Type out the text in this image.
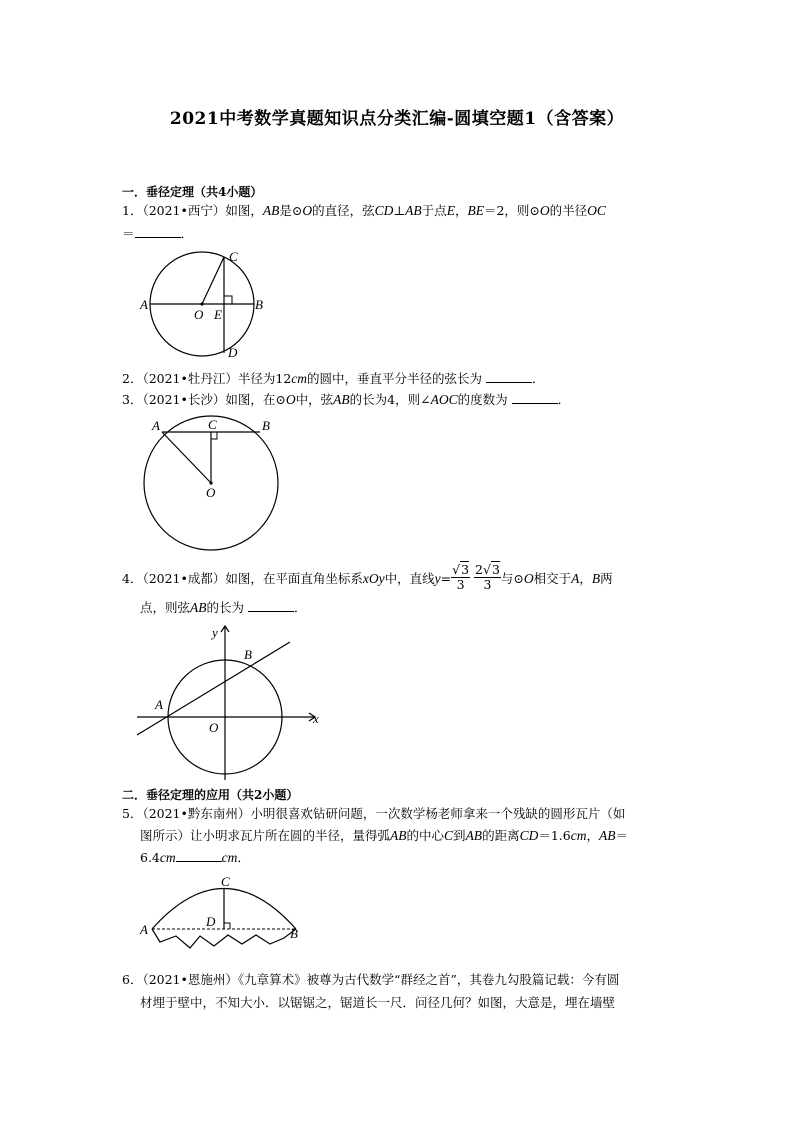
2021中考数学真题知识点分类汇编-圆填空题1（含答案）
一．垂径定理（共4小题）
1．（2021•西宁）如图，AB是⊙O的直径，弦CD⊥AB于点E，BE＝2，则⊙O的半径OC
＝	．
A	B
C
D
O E
2．（2021•牡丹江）半径为12cm的圆中，垂直平分半径的弦长为	．
3．（2021•长沙）如图，在⊙O中，弦AB的长为4，则∠AOC的度数为	．
A	B
C
O
4．（2021•成都）如图，在平面直角坐标系xOy中，直线$y= \frac{√3}{3}$
$\frac{2√3}{3}$ 与⊙O相交于A，B两
点，则弦AB的长为	．
A
B
O
x
y
二．垂径定理的应用（共2小题）
5．（2021•黔东南州）小明很喜欢钻研问题，一次数学杨老师拿来一个残缺的圆形瓦片（如
图所示）让小明求瓦片所在圆的半径，量得弧AB的中心C到AB的距离CD＝1.6cm，AB＝
6.4cm	cm．
A	B
C
D
6．（2021•恩施州）《九章算术》被尊为古代数学“群经之首”，其卷九勾股篇记载：今有圆
材埋于壁中，不知大小．以锯锯之，锯道长一尺．问径几何？如图，大意是，埋在墙壁
